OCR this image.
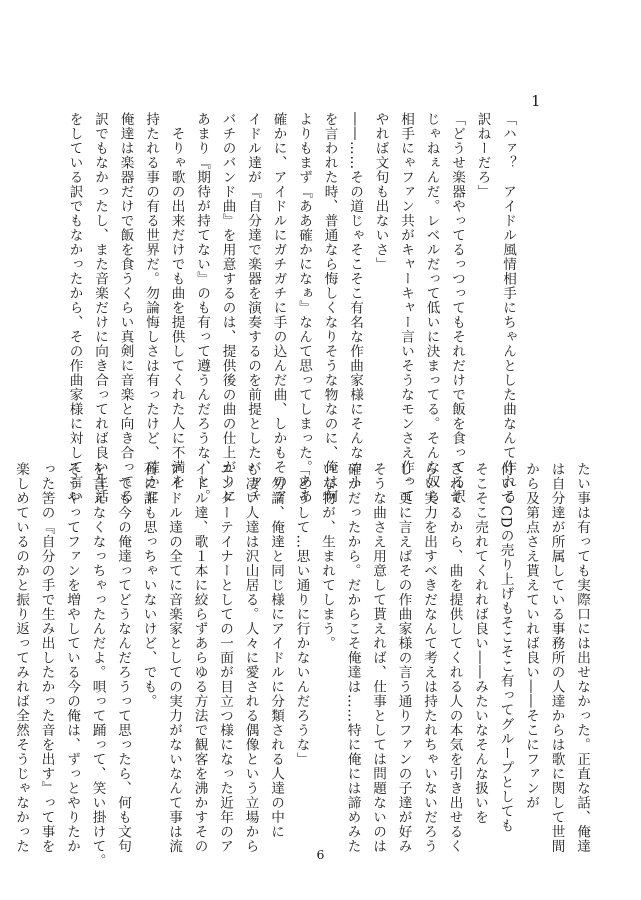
1

「ハァ？　アイドル風情相手にちゃんとした曲なんて作れる

訳ねーだろ」

「どうせ楽器やってるっつってもそれだけで飯を食ってる訳

じゃねぇんだ。レベルだって低いに決まってる。そんな奴ら

相手にゃファン共がキャーキャー言いそうなモンさえ作って

やれば文句も出ないさ」

――……その道じゃそこそこ有名な作曲家様にそんなコト

を言われた時、普通なら悔しくなりそうな物なのに、俺は何

よりもまず『ああ確かになぁ』なんて思ってしまった。ああ

確かに、アイドルにガチガチに手の込んだ曲、しかもそのア

イドル達が『自分達で楽器を演奏するのを前提としたバッチ

バチのバンド曲』を用意するのは、提供後の曲の仕上がりに

あまり『期待が持てない』のも有って遵うんだろうな、と。

　そりゃ歌の出来だけでも曲を提供してくれた人に不満を

持たれる事の有る世界だ。勿論悔しさは有ったけど、確かに

俺達は楽器だけで飯を食うくらい真剣に音楽と向き合ってる

訳でもなかったし、また音楽だけに向き合ってれば良い生活

をしている訳でもなかったから、その作曲家様に対して言い

たい事は有っても実際口には出せなかった。正直な話、俺達

は自分達が所属している事務所の人達からは歌に関して世間

から及第点さえ貰えていれば良い――そこにファンが

付いてCDの売り上げもそこそこ有ってグループとしても

そこそこ売れてくれれば良い――みたいなそんな扱いを

されてるから、曲を提供してくれる人の本気を引き出せるく

らい実力を出すべきだなんて考えは持たれちゃいないだろう

し。更に言えばその作曲家様の言う通りファンの子達が好み

そうな曲さえ用意して貰えれば、仕事としては問題ないのは

確かだったから。だからこそ俺達は……特に俺には諦めみた

いな物が、生まれてしまう。

「どうして…思い通りに行かないんだろうな」

　勿論、俺達と同じ様にアイドルに分類される人達の中に

も凄い人達は沢山居る。人々に愛される偶像という立場から

エンターテイナーとしての一面が目立つ様になった近年のア

イドル達、歌１本に絞らずあらゆる方法で観客を沸かすその

アイドル達の全てに音楽家としての実力がないなんて事は流

石に誰も思っちゃいないけど、でも。

　でも今の俺達ってどうなんだろうって思ったら、何も文句

を言えなくなっちゃったんだよ。唄って踊って、笑い掛けて。

そうやってファンを増やしている今の俺は、ずっとやりたか

った筈の『自分の手で生み出したかった音を出す』って事を

楽しめているのかと振り返ってみれば全然そうじゃなかった

6
